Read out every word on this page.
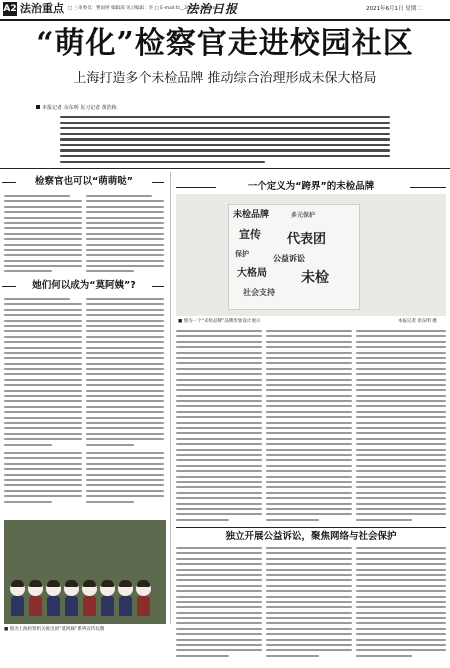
A2 法治重点 □ 三审委员：曹雨婷 编辑部 见习编辑：李 □ E-mail:fz__2020@163.com
法治日报	2021年6月1日 星期二
“萌化”检察官走进校园社区
上海打造多个未检品牌 推动综合治理形成未保大格局
本报记者 余东明 见习记者 黄浩栋
检察官也可以“萌萌哒”
她们何以成为“莫阿姨”?
一个定义为“跨界”的未检品牌
未检品牌	多元保护
宣传 代表团
保护	公益诉讼
大格局 未检
社会支持
■ 图为一个“未检品牌”品牌形象设计展示	本报记者 余东明 摄
独立开展公益诉讼，聚焦网络与社会保护
■ 图为上海检察机关推出的“莫阿姨”系列宣传玩偶
